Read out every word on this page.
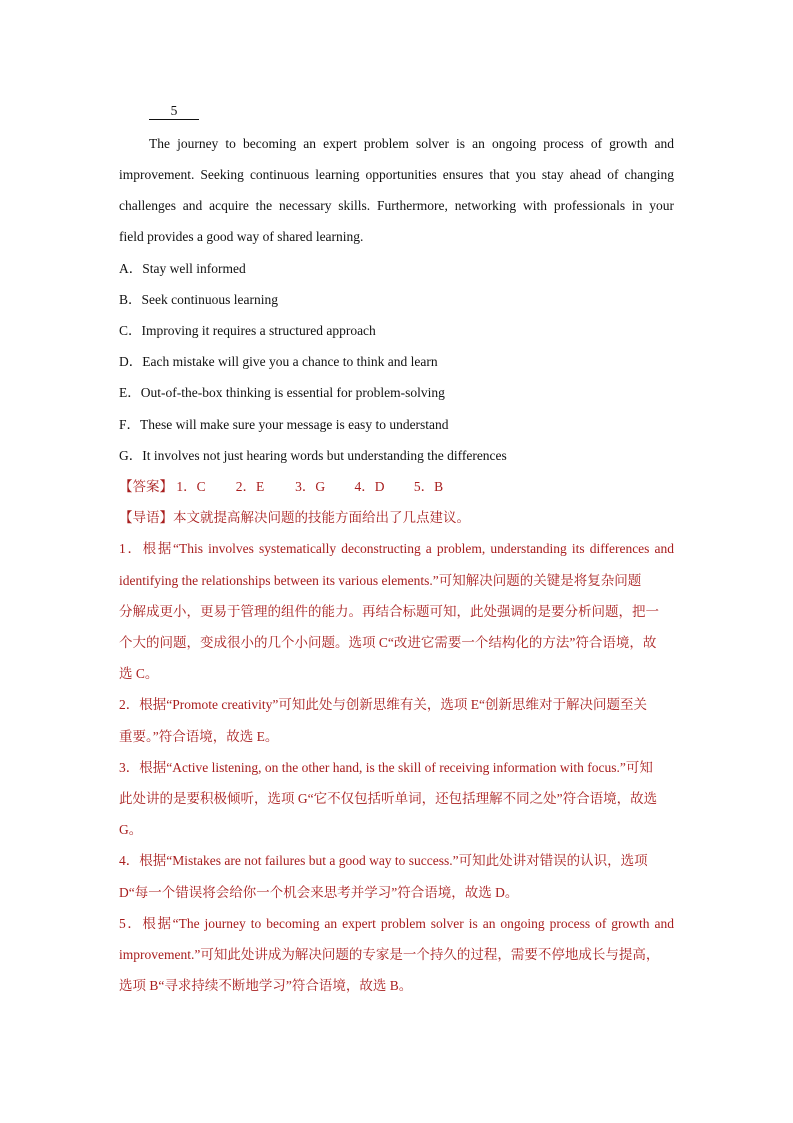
5
The journey to becoming an expert problem solver is an ongoing process of growth and
improvement. Seeking continuous learning opportunities ensures that you stay ahead of changing
challenges and acquire the necessary skills. Furthermore, networking with professionals in your
field provides a good way of shared learning.
A．Stay well informed
B．Seek continuous learning
C．Improving it requires a structured approach
D．Each mistake will give you a chance to think and learn
E．Out-of-the-box thinking is essential for problem-solving
F．These will make sure your message is easy to understand
G．It involves not just hearing words but understanding the differences
【答案】 1．C 2．E 3．G 4．D 5．B
【导语】本文就提高解决问题的技能方面给出了几点建议。
1．根据“This involves systematically deconstructing a problem, understanding its differences and
identifying the relationships between its various elements.”可知解决问题的关键是将复杂问题
分解成更小，更易于管理的组件的能力。再结合标题可知，此处强调的是要分析问题，把一
个大的问题，变成很小的几个小问题。选项 C“改进它需要一个结构化的方法”符合语境，故
选 C。
2．根据“Promote creativity”可知此处与创新思维有关，选项 E“创新思维对于解决问题至关
重要。”符合语境，故选 E。
3．根据“Active listening, on the other hand, is the skill of receiving information with focus.”可知
此处讲的是要积极倾听，选项 G“它不仅包括听单词，还包括理解不同之处”符合语境，故选
G。
4．根据“Mistakes are not failures but a good way to success.”可知此处讲对错误的认识，选项
D“每一个错误将会给你一个机会来思考并学习”符合语境，故选 D。
5．根据“The journey to becoming an expert problem solver is an ongoing process of growth and
improvement.”可知此处讲成为解决问题的专家是一个持久的过程，需要不停地成长与提高，
选项 B“寻求持续不断地学习”符合语境，故选 B。
